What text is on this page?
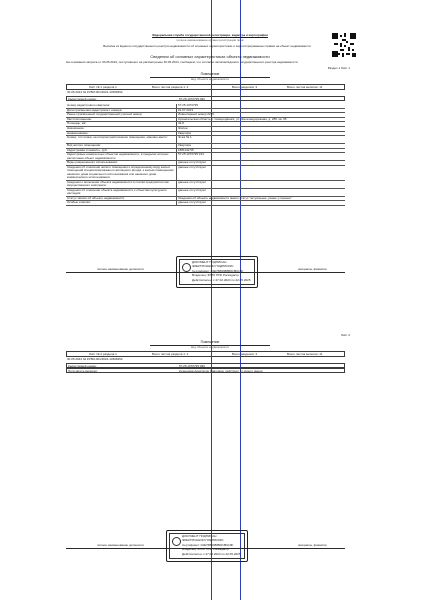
Федеральная служба государственной регистрации, кадастра и картографии
полное наименование органа регистрации прав
Выписка из Единого государственного реестра недвижимости об основных характеристиках и зарегистрированных правах на объект недвижимости
Сведения об основных характеристиках объекта недвижимости
На основании запроса от 30.05.2024, поступившего на рассмотрение 30.05.2024, сообщаем, что согласно записям Единого государственного реестра недвижимости:
Раздел 1 Лист 1
Помещение
вид объекта недвижимости
Лист № 1 раздела 1	Всего листов раздела 1: 2	Всего разделов: 3	Всего листов выписки: 11
30.05.2024 № КУВИ-001/2024-14508452
Кадастровый номер:	57:25:1070795:390
Номер кадастрового квартала:	57:25:1070795
Дата присвоения кадастрового номера:	01.07.2013
Ранее присвоенный государственный учетный номер:	Инвентарный номер 2270
Местоположение:	Архангельская область, г. Северодвинск, ул. Железнодорожная, д. 28б, кв. 65
Площадь, м2:	42.8
Назначение:	Жилое
Наименование:	Квартира
Номер, тип этажа, на котором расположено помещение, машино-место:	Этаж № 1
Вид жилого помещения:	Квартира
Кадастровая стоимость, руб:	1881132.55
Кадастровые номера иных объектов недвижимости, в пределах которых расположен объект недвижимости:
57:25:1070795:193
Виды разрешенного использования:	данные отсутствуют
Сведения об отнесении жилого помещения к определенному виду жилых помещений специализированного жилищного фонда, к жилым помещениям наемного дома социального использования или наемного дома коммерческого использования:
данные отсутствуют
Сведения о включении объекта недвижимости в состав предприятия как имущественного комплекса:
данные отсутствуют
Сведения об отнесении объекта недвижимости к объектам культурного наследия:
данные отсутствуют
Статус записи об объекте недвижимости:	Сведения об объекте недвижимости имеют статус "актуальные, ранее учтенные"
Особые отметки:	данные отсутствуют
полное наименование должности	инициалы, фамилия
ДОКУМЕНТ ПОДПИСАН
ЭЛЕКТРОННОЙ ПОДПИСЬЮ
Сертификат: 02E76B0088B0C8DC9F
Владелец: ФГБУ ППК Роскадастр
Действителен: с 27.02.2024 по 22.05.2025
Лист 2
Помещение
вид объекта недвижимости
Лист № 2 раздела 1	Всего листов раздела 1: 2	Всего разделов: 3	Всего листов выписки: 11
30.05.2024 № КУВИ-001/2024-14508452
Кадастровый номер:	57:25:1070795:390
Получатель выписки:	Кузнецова Анастасия Павловна, действует от своего имени
полное наименование должности	инициалы, фамилия
ДОКУМЕНТ ПОДПИСАН
ЭЛЕКТРОННОЙ ПОДПИСЬЮ
Сертификат: 02E76B0088B0C8DC9F
Владелец: ФГБУ ППК Роскадастр
Действителен: с 27.02.2024 по 22.05.2025
